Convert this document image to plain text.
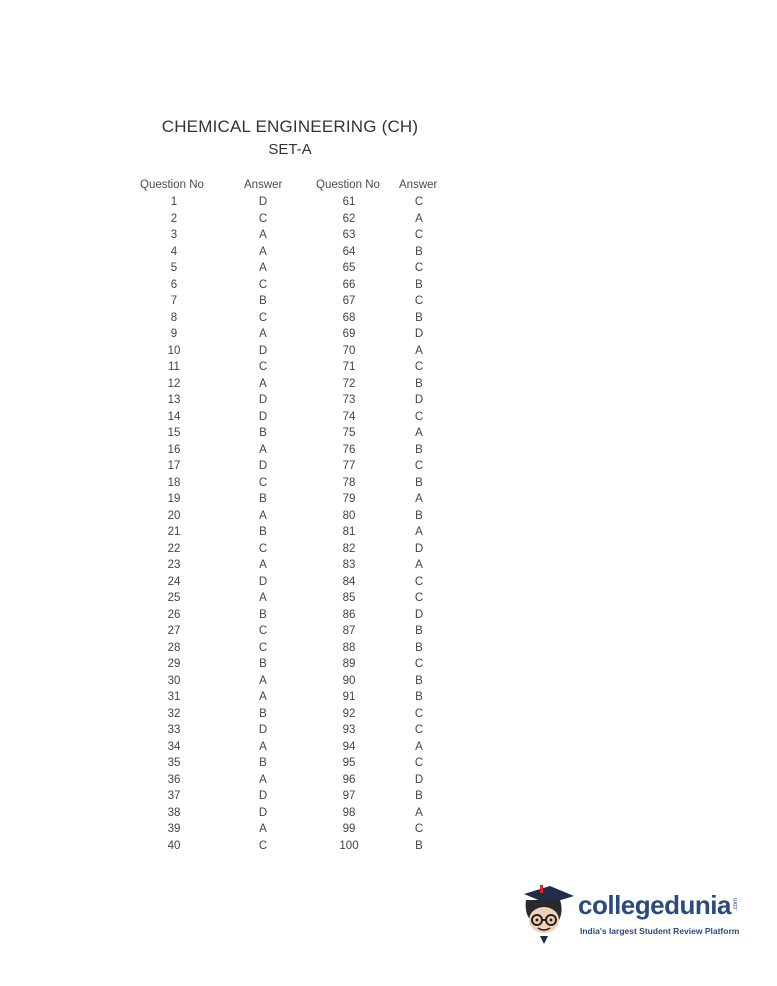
CHEMICAL ENGINEERING (CH)
SET-A
Question No	Answer	Question No Answer
1
2
3
4
5
6
7
8
9
10
11
12
13
14
15
16
17
18
19
20
21
22
23
24
25
26
27
28
29
30
31
32
33
34
35
36
37
38
39
40
D
C
A
A
A
C
B
C
A
D
C
A
D
D
B
A
D
C
B
A
B
C
A
D
A
B
C
C
B
A
A
B
D
A
B
A
D
D
A
C
61
62
63
64
65
66
67
68
69
70
71
72
73
74
75
76
77
78
79
80
81
82
83
84
85
86
87
88
89
90
91
92
93
94
95
96
97
98
99
100
C
A
C
B
C
B
C
B
D
A
C
B
D
C
A
B
C
B
A
B
A
D
A
C
C
D
B
B
C
B
B
C
C
A
C
D
B
A
C
B
collegedunia .com
India's largest Student Review Platform
